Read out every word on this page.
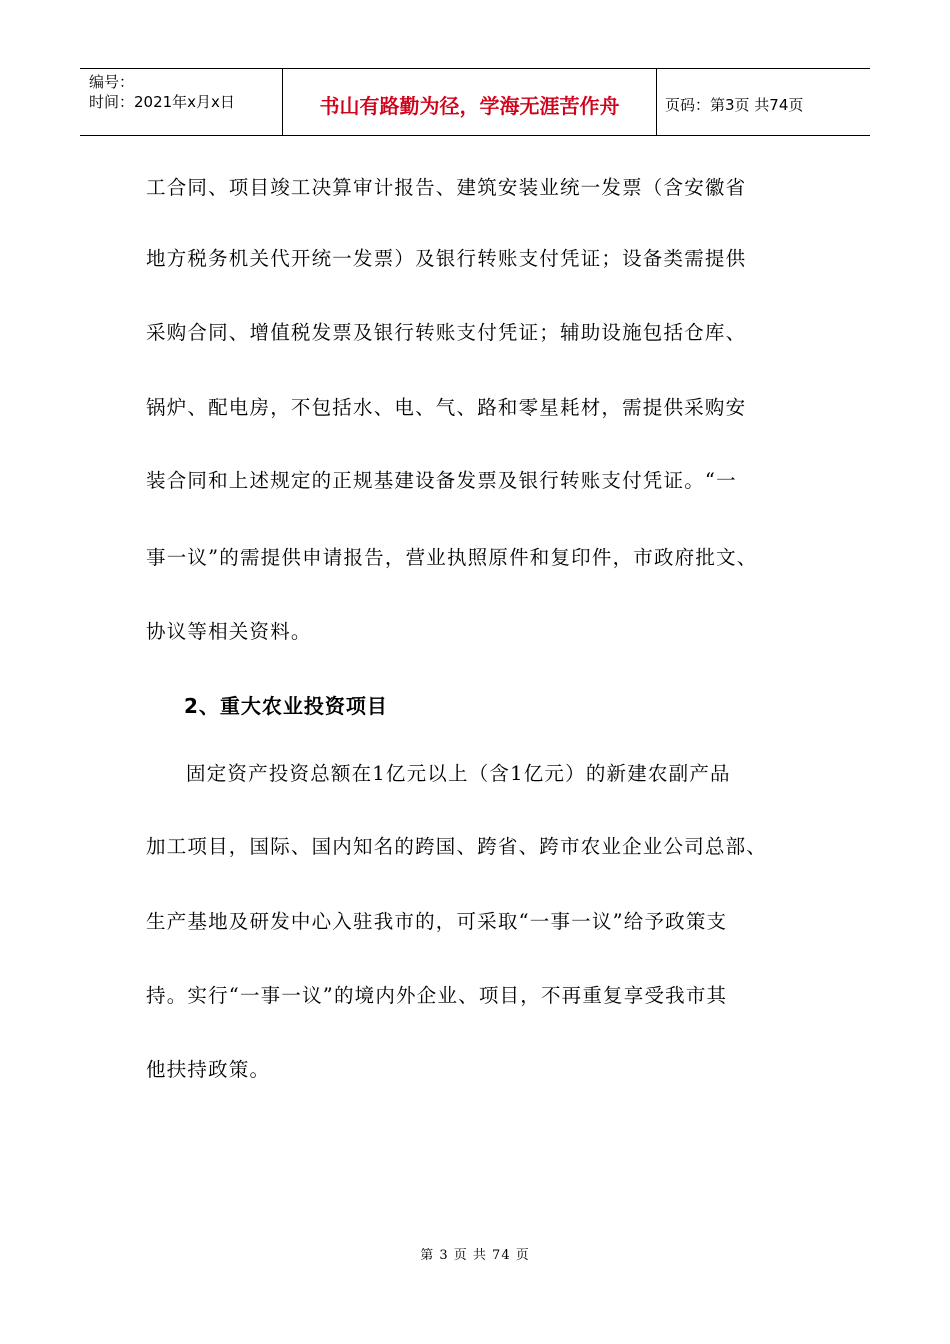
编号：
时间：2021年x月x日	书山有路勤为径，学海无涯苦作舟	页码：第3页 共74页
工合同、项目竣工决算审计报告、建筑安装业统一发票（含安徽省
地方税务机关代开统一发票）及银行转账支付凭证；设备类需提供
采购合同、增值税发票及银行转账支付凭证；辅助设施包括仓库、
锅炉、配电房，不包括水、电、气、路和零星耗材，需提供采购安
装合同和上述规定的正规基建设备发票及银行转账支付凭证。“一
事一议”的需提供申请报告，营业执照原件和复印件，市政府批文、
协议等相关资料。
2、重大农业投资项目
固定资产投资总额在1亿元以上（含1亿元）的新建农副产品
加工项目，国际、国内知名的跨国、跨省、跨市农业企业公司总部、
生产基地及研发中心入驻我市的，可采取“一事一议”给予政策支
持。实行“一事一议”的境内外企业、项目，不再重复享受我市其
他扶持政策。
第 3 页 共 74 页
